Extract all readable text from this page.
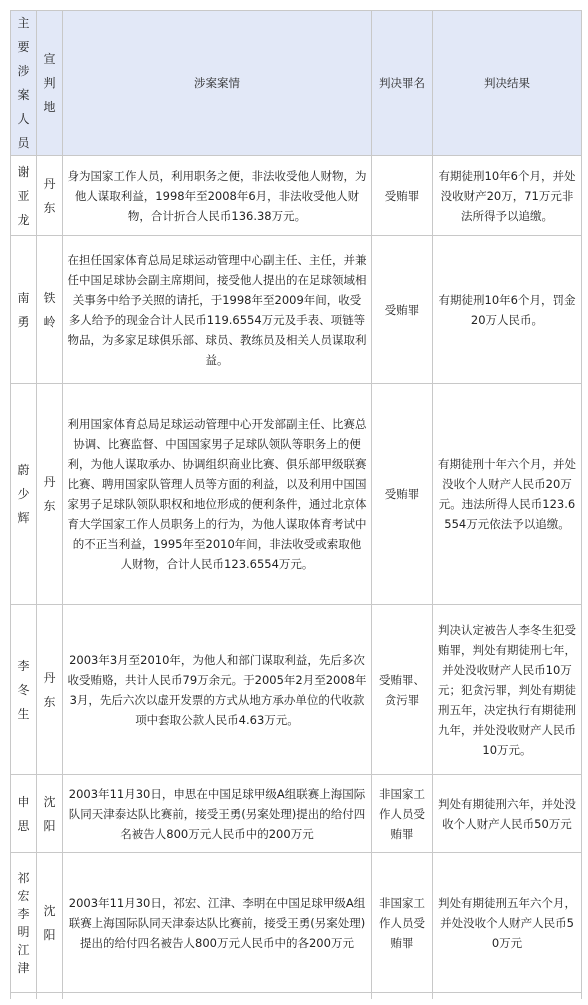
主要涉案人员	宣判地	涉案案情	判决罪名	判决结果

谢亚龙	丹东	身为国家工作人员，利用职务之便，非法收受他人财物，为他人谋取利益，1998年至2008年6月，非法收受他人财物，合计折合人民币136.38万元。	受贿罪	有期徒刑10年6个月，并处没收财产20万，71万元非法所得予以追缴。

南勇	铁岭	在担任国家体育总局足球运动管理中心副主任、主任，并兼任中国足球协会副主席期间，接受他人提出的在足球领域相关事务中给予关照的请托，于1998年至2009年间，收受多人给予的现金合计人民币119.6554万元及手表、项链等物品，为多家足球俱乐部、球员、教练员及相关人员谋取利益。	受贿罪	有期徒刑10年6个月，罚金20万人民币。

蔚少辉	丹东	利用国家体育总局足球运动管理中心开发部副主任、比赛总协调、比赛监督、中国国家男子足球队领队等职务上的便利，为他人谋取承办、协调组织商业比赛、俱乐部甲级联赛比赛、聘用国家队管理人员等方面的利益，以及利用中国国家男子足球队领队职权和地位形成的便利条件，通过北京体育大学国家工作人员职务上的行为，为他人谋取体育考试中的不正当利益，1995年至2010年间，非法收受或索取他人财物，合计人民币123.6554万元。	受贿罪	有期徒刑十年六个月，并处没收个人财产人民币20万元。违法所得人民币123.6554万元依法予以追缴。

李冬生	丹东	2003年3月至2010年，为他人和部门谋取利益，先后多次收受贿赂，共计人民币79万余元。于2005年2月至2008年3月，先后六次以虚开发票的方式从地方承办单位的代收款项中套取公款人民币4.63万元。	受贿罪、贪污罪	判决认定被告人李冬生犯受贿罪，判处有期徒刑七年，并处没收财产人民币10万元；犯贪污罪，判处有期徒刑五年，决定执行有期徒刑九年，并处没收财产人民币10万元。

申思	沈阳	2003年11月30日，申思在中国足球甲级A组联赛上海国际队同天津泰达队比赛前，接受王勇(另案处理)提出的给付四名被告人800万元人民币中的200万元	非国家工作人员受贿罪	判处有期徒刑六年，并处没收个人财产人民币50万元

祁宏李明江津	沈阳	2003年11月30日，祁宏、江津、李明在中国足球甲级A组联赛上海国际队同天津泰达队比赛前，接受王勇(另案处理)提出的给付四名被告人800万元人民币中的各200万元	非国家工作人员受贿罪	判处有期徒刑五年六个月，并处没收个人财产人民币50万元
